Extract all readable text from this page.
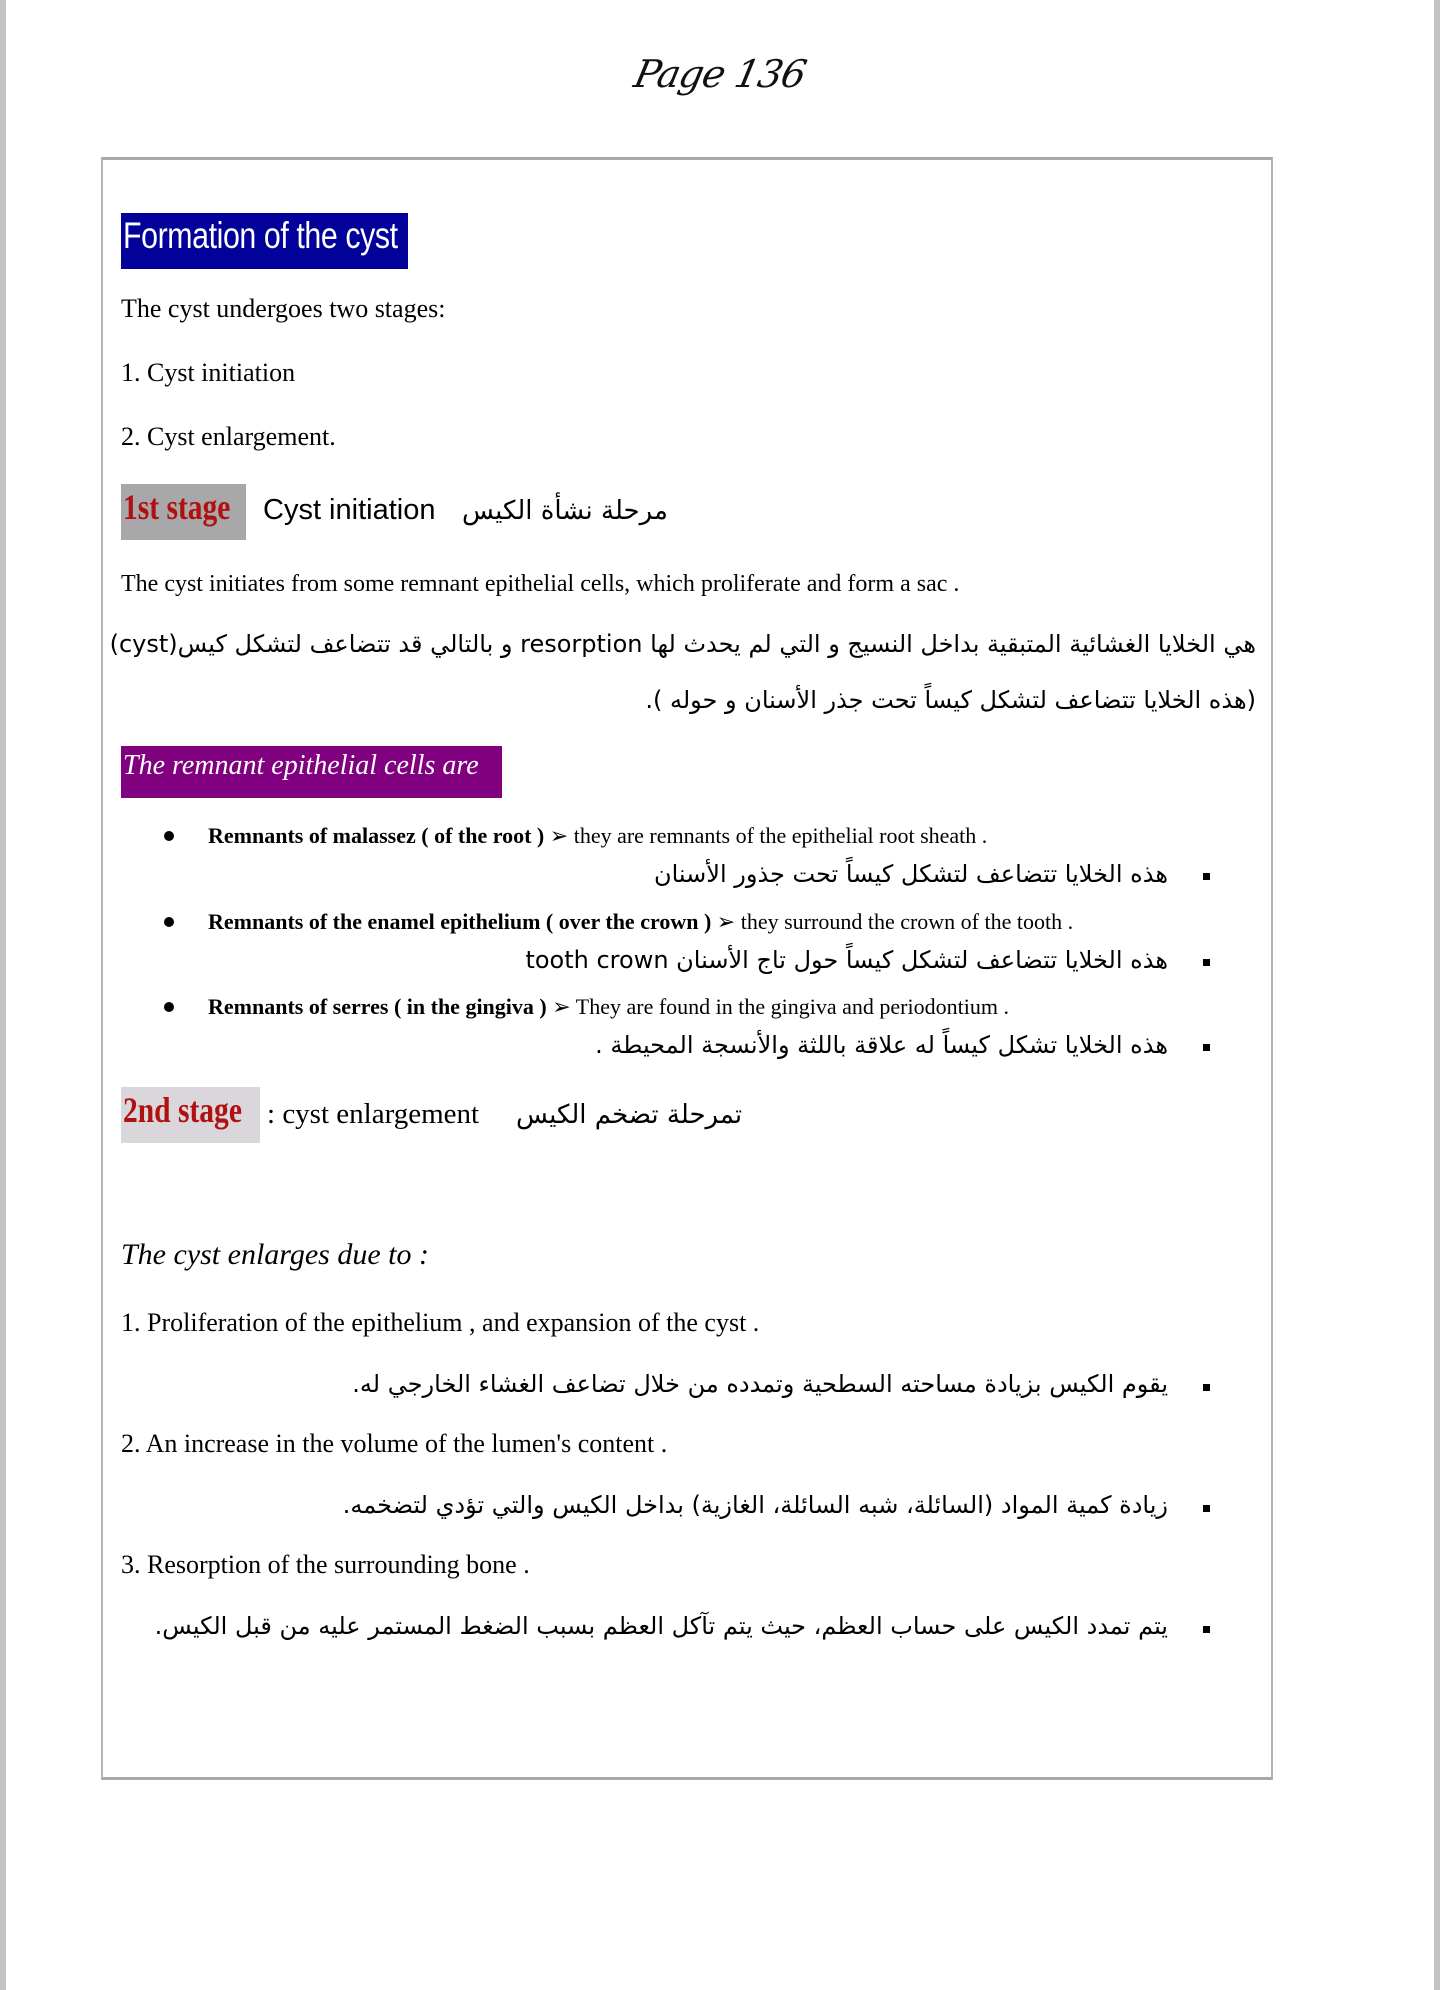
Page 136
Formation of the cyst
The cyst undergoes two stages:
1. Cyst initiation
2. Cyst enlargement.
1st stage	Cyst initiation مرحلة نشأة الكيس
The cyst initiates from some remnant epithelial cells, which proliferate and form a sac .
هي الخلايا الغشائية المتبقية بداخل النسيج و التي لم يحدث لها resorption و بالتالي قد تتضاعف لتشكل كيس(cyst)
(هذه الخلايا تتضاعف لتشكل كيساً تحت جذر الأسنان و حوله ).
The remnant epithelial cells are
Remnants of malassez ( of the root ) ➢ they are remnants of the epithelial root sheath .
هذه الخلايا تتضاعف لتشكل كيساً تحت جذور الأسنان
Remnants of the enamel epithelium ( over the crown ) ➢ they surround the crown of the tooth .
هذه الخلايا تتضاعف لتشكل كيساً حول تاج الأسنان tooth crown
Remnants of serres ( in the gingiva ) ➢ They are found in the gingiva and periodontium .
هذه الخلايا تشكل كيساً له علاقة باللثة والأنسجة المحيطة .
2nd stage : cyst enlargement تمرحلة تضخم الكيس
The cyst enlarges due to :
1. Proliferation of the epithelium , and expansion of the cyst .
يقوم الكيس بزيادة مساحته السطحية وتمدده من خلال تضاعف الغشاء الخارجي له.
2. An increase in the volume of the lumen's content .
زيادة كمية المواد (السائلة، شبه السائلة، الغازية) بداخل الكيس والتي تؤدي لتضخمه.
3. Resorption of the surrounding bone .
يتم تمدد الكيس على حساب العظم، حيث يتم تآكل العظم بسبب الضغط المستمر عليه من قبل الكيس.
